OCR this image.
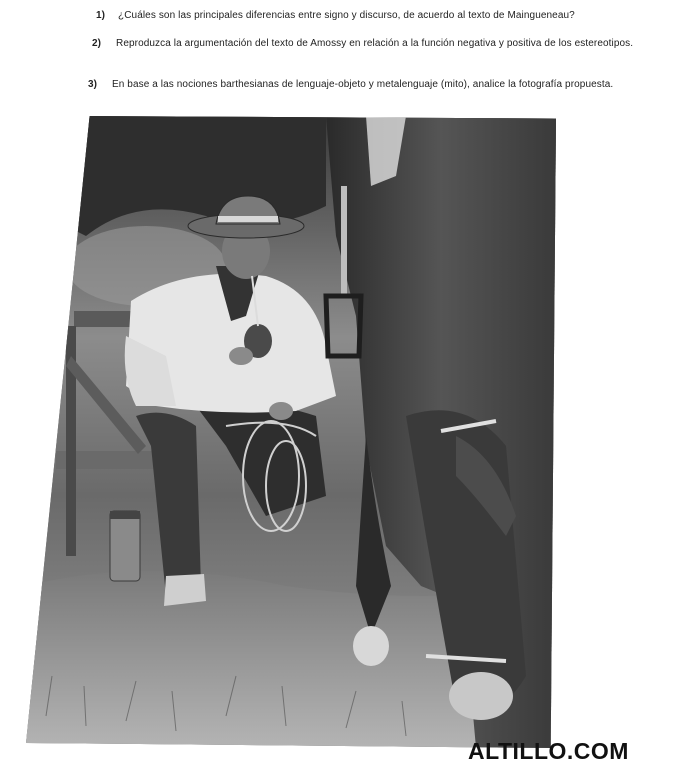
1) ¿Cuáles son las principales diferencias entre signo y discurso, de acuerdo al texto de Maingueneau?
2) Reproduzca la argumentación del texto de Amossy en relación a la función negativa y positiva de los estereotipos.
3) En base a las nociones barthesianas de lenguaje-objeto y metalenguaje (mito), analice la fotografía propuesta.
ALTILLO.COM
